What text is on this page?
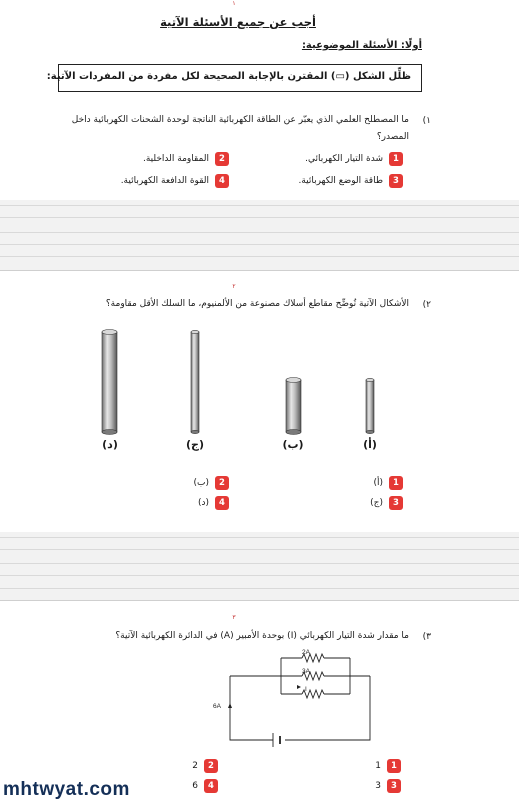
١
أجب عن جميع الأسئلة الآتية
أولًا: الأسئلة الموضوعية:
ظلِّل الشكل (▭) المقترن بالإجابة الصحيحة لكل مفردة من المفردات الآتية:
١)
ما المصطلح العلمي الذي يعبّر عن الطاقة الكهربائية الناتجة لوحدة الشحنات الكهربائية داخل
المصدر؟
1
شدة التيار الكهربائي.
2
المقاومة الداخلية.
3
طاقة الوضع الكهربائية.
4
القوة الدافعة الكهربائية.
٢
٢)
الأشكال الآتية تُوضِّح مقاطع أسلاك مصنوعة من الألمنيوم، ما السلك الأقل مقاومة؟
(أ)
(ب)
(ج)
(د)
1
(أ)
2
(ب)
3
(ج)
4
(د)
٣
٣)
ما مقدار شدة التيار الكهربائي (I) بوحدة الأمبير (A) في الدائرة الكهربائية الآتية؟
2A
3A
I
6A
1
1
2
2
3
3
4
6
mhtwyat.com
